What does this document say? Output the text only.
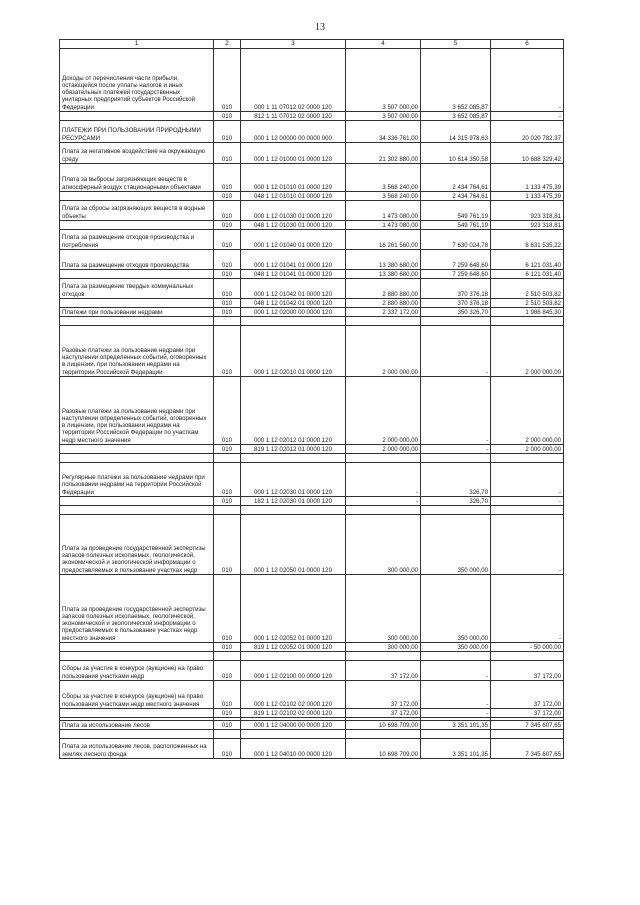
13
1	2	3	4	5	6
Доходы от перечисления части прибыли, остающейся после уплаты налогов и иных обязательных платежей государственных унитарных предприятий субъектов Российской Федерации	010	000 1 11 07012 02 0000 120	3 507 000,00	3 652 085,87	-
	010	812 1 11 07012 02 0000 120	3 507 000,00	3 652 085,87	-
ПЛАТЕЖИ ПРИ ПОЛЬЗОВАНИИ ПРИРОДНЫМИ РЕСУРСАМИ	010	000 1 12 00000 00 0000 000	34 336 761,00	14 315 978,63	20 020 782,37
Плата за негативное воздействие на окружающую среду	010	000 1 12 01000 01 0000 120	21 302 880,00	10 614 350,58	10 688 329,42
Плата за выбросы загрязняющих веществ в атмосферный воздух стационарными объектами	010	000 1 12 01010 01 0000 120	3 568 240,00	2 434 764,61	1 133 475,39
	010	048 1 12 01010 01 0000 120	3 568 240,00	2 434 764,61	1 133 475,39
Плата за сбросы загрязняющих веществ в водные объекты	010	000 1 12 01030 01 0000 120	1 473 080,00	549 761,19	923 318,81
	010	048 1 12 01030 01 0000 120	1 473 080,00	549 761,19	923 318,81
Плата за размещение отходов производства и потребления	010	000 1 12 01040 01 0000 120	16 261 560,00	7 630 024,78	8 631 535,22
Плата за размещение отходов производства	010	000 1 12 01041 01 0000 120	13 380 680,00	7 259 648,60	6 121 031,40
	010	048 1 12 01041 01 0000 120	13 380 680,00	7 259 648,60	6 121 031,40
Плата за размещение твердых коммунальных отходов	010	000 1 12 01042 01 0000 120	2 880 880,00	370 376,18	2 510 503,82
	010	048 1 12 01042 01 0000 120	2 880 880,00	370 376,18	2 510 503,82
Платежи при пользовании недрами	010	000 1 12 02000 00 0000 120	2 337 172,00	350 326,70	1 986 845,30

Разовые платежи за пользование недрами при наступлении определенных событий, оговоренных в лицензии, при пользовании недрами на территории Российской Федерации	010	000 1 12 02010 01 0000 120	2 000 000,00	-	2 000 000,00
Разовые платежи за пользование недрами при наступлении определенных событий, оговоренных в лицензии, при пользовании недрами на территории Российской Федерации по участкам недр местного значения	010	000 1 12 02012 01 0000 120	2 000 000,00	-	2 000 000,00
	010	819 1 12 02012 01 0000 120	2 000 000,00	-	2 000 000,00

Регулярные платежи за пользование недрами при пользовании недрами на территории Российской Федерации	010	000 1 12 02030 01 0000 120	-	326,70	-
	010	182 1 12 02030 01 0000 120	-	326,70	-

Плата за проведение государственной экспертизы запасов полезных ископаемых, геологической, экономической и экологической информации о предоставляемых в пользование участках недр	010	000 1 12 02050 01 0000 120	300 000,00	350 000,00	-
Плата за проведение государственной экспертизы запасов полезных ископаемых, геологической, экономической и экологической информации о предоставляемых в пользование участках недр местного значения	010	000 1 12 02052 01 0000 120	300 000,00	350 000,00	-
	010	819 1 12 02052 01 0000 120	300 000,00	350 000,00	- 50 000,00

Сборы за участие в конкурсе (аукционе) на право пользования участками недр	010	000 1 12 02100 00 0000 120	37 172,00	-	37 172,00
Сборы за участие в конкурсе (аукционе) на право пользования участками недр местного значения	010	000 1 12 02102 02 0000 120	37 172,00	-	37 172,00
	010	819 1 12 02102 02 0000 120	37 172,00	-	37 172,00

Плата за использование лесов	010	000 1 12 04000 00 0000 120	10 698 709,00	3 351 101,35	7 345 607,65

Плата за использование лесов, расположенных на землях лесного фонда	010	000 1 12 04010 00 0000 120	10 698 709,00	3 351 101,35	7 345 607,65
